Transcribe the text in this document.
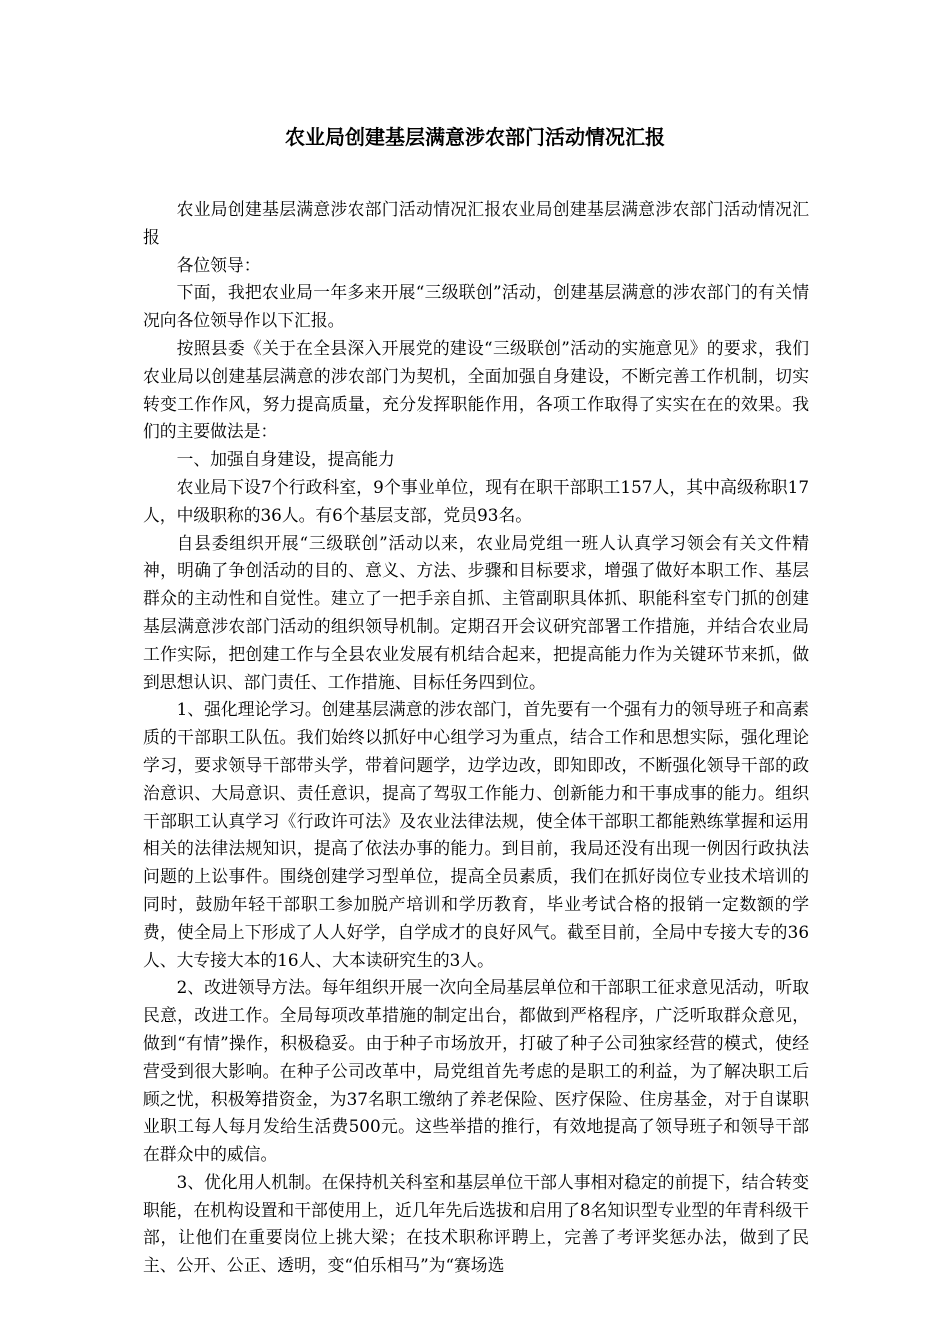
农业局创建基层满意涉农部门活动情况汇报

农业局创建基层满意涉农部门活动情况汇报农业局创建基层满意涉农部门活动情况汇报

各位领导：

下面，我把农业局一年多来开展“三级联创”活动，创建基层满意的涉农部门的有关情况向各位领导作以下汇报。

按照县委《关于在全县深入开展党的建设“三级联创”活动的实施意见》的要求，我们农业局以创建基层满意的涉农部门为契机，全面加强自身建设，不断完善工作机制，切实转变工作作风，努力提高质量，充分发挥职能作用，各项工作取得了实实在在的效果。我们的主要做法是：

一、加强自身建设，提高能力

农业局下设7个行政科室，9个事业单位，现有在职干部职工157人，其中高级称职17人，中级职称的36人。有6个基层支部，党员93名。

自县委组织开展“三级联创”活动以来，农业局党组一班人认真学习领会有关文件精神，明确了争创活动的目的、意义、方法、步骤和目标要求，增强了做好本职工作、基层群众的主动性和自觉性。建立了一把手亲自抓、主管副职具体抓、职能科室专门抓的创建基层满意涉农部门活动的组织领导机制。定期召开会议研究部署工作措施，并结合农业局工作实际，把创建工作与全县农业发展有机结合起来，把提高能力作为关键环节来抓，做到思想认识、部门责任、工作措施、目标任务四到位。

1、强化理论学习。创建基层满意的涉农部门，首先要有一个强有力的领导班子和高素质的干部职工队伍。我们始终以抓好中心组学习为重点，结合工作和思想实际，强化理论学习，要求领导干部带头学，带着问题学，边学边改，即知即改，不断强化领导干部的政治意识、大局意识、责任意识，提高了驾驭工作能力、创新能力和干事成事的能力。组织干部职工认真学习《行政许可法》及农业法律法规，使全体干部职工都能熟练掌握和运用相关的法律法规知识，提高了依法办事的能力。到目前，我局还没有出现一例因行政执法问题的上讼事件。围绕创建学习型单位，提高全员素质，我们在抓好岗位专业技术培训的同时，鼓励年轻干部职工参加脱产培训和学历教育，毕业考试合格的报销一定数额的学费，使全局上下形成了人人好学，自学成才的良好风气。截至目前，全局中专接大专的36人、大专接大本的16人、大本读研究生的3人。

2、改进领导方法。每年组织开展一次向全局基层单位和干部职工征求意见活动，听取民意，改进工作。全局每项改革措施的制定出台，都做到严格程序，广泛听取群众意见，做到“有情”操作，积极稳妥。由于种子市场放开，打破了种子公司独家经营的模式，使经营受到很大影响。在种子公司改革中，局党组首先考虑的是职工的利益，为了解决职工后顾之忧，积极筹措资金，为37名职工缴纳了养老保险、医疗保险、住房基金，对于自谋职业职工每人每月发给生活费500元。这些举措的推行，有效地提高了领导班子和领导干部在群众中的威信。

3、优化用人机制。在保持机关科室和基层单位干部人事相对稳定的前提下，结合转变职能，在机构设置和干部使用上，近几年先后选拔和启用了8名知识型专业型的年青科级干部，让他们在重要岗位上挑大梁；在技术职称评聘上，完善了考评奖惩办法，做到了民主、公开、公正、透明，变“伯乐相马”为“赛场选
